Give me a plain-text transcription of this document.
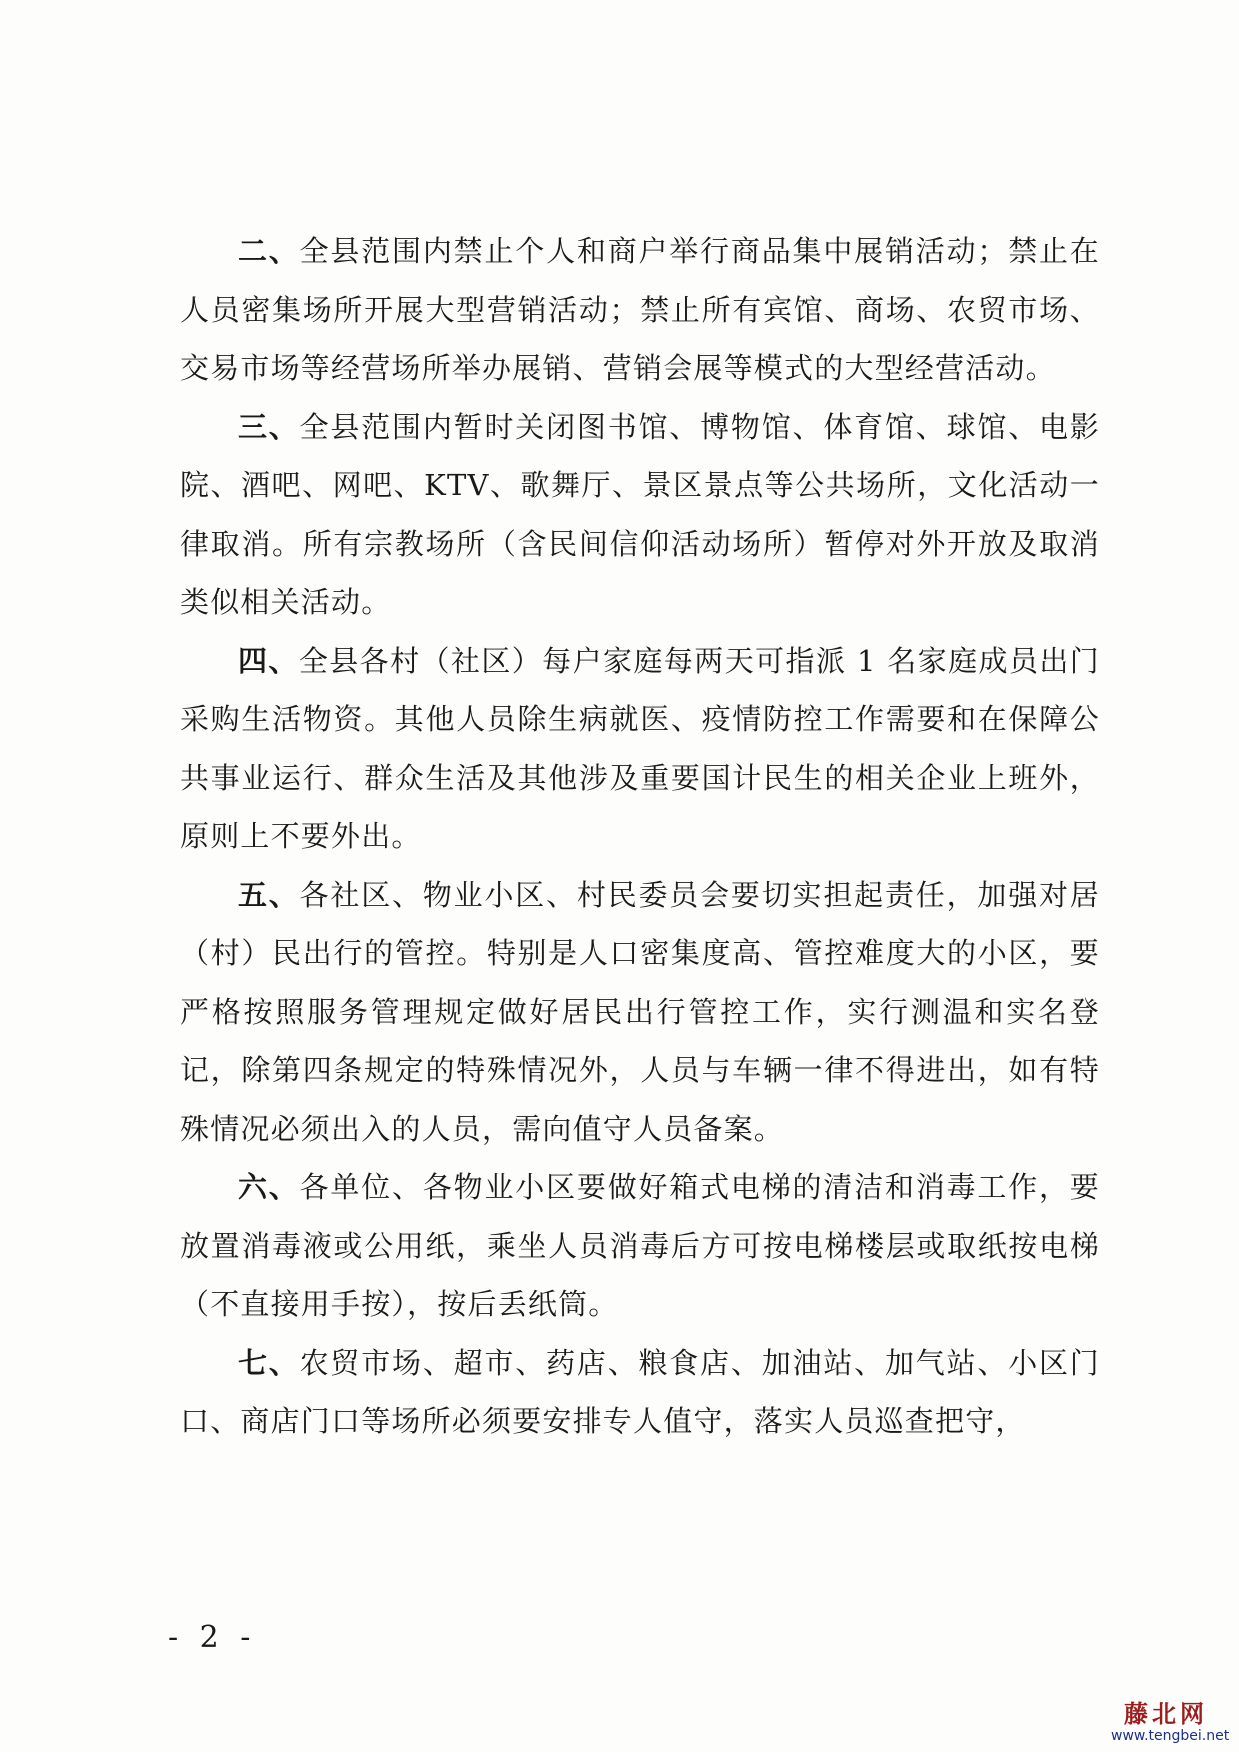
二、全县范围内禁止个人和商户举行商品集中展销活动；禁止在人员密集场所开展大型营销活动；禁止所有宾馆、商场、农贸市场、交易市场等经营场所举办展销、营销会展等模式的大型经营活动。

三、全县范围内暂时关闭图书馆、博物馆、体育馆、球馆、电影院、酒吧、网吧、KTV、歌舞厅、景区景点等公共场所，文化活动一律取消。所有宗教场所（含民间信仰活动场所）暂停对外开放及取消类似相关活动。

四、全县各村（社区）每户家庭每两天可指派 1 名家庭成员出门采购生活物资。其他人员除生病就医、疫情防控工作需要和在保障公共事业运行、群众生活及其他涉及重要国计民生的相关企业上班外，原则上不要外出。

五、各社区、物业小区、村民委员会要切实担起责任，加强对居（村）民出行的管控。特别是人口密集度高、管控难度大的小区，要严格按照服务管理规定做好居民出行管控工作，实行测温和实名登记，除第四条规定的特殊情况外，人员与车辆一律不得进出，如有特殊情况必须出入的人员，需向值守人员备案。

六、各单位、各物业小区要做好箱式电梯的清洁和消毒工作，要放置消毒液或公用纸，乘坐人员消毒后方可按电梯楼层或取纸按电梯（不直接用手按），按后丢纸筒。

七、农贸市场、超市、药店、粮食店、加油站、加气站、小区门口、商店门口等场所必须要安排专人值守，落实人员巡查把守，

- 2 -
藤北网
www.tengbei.net
